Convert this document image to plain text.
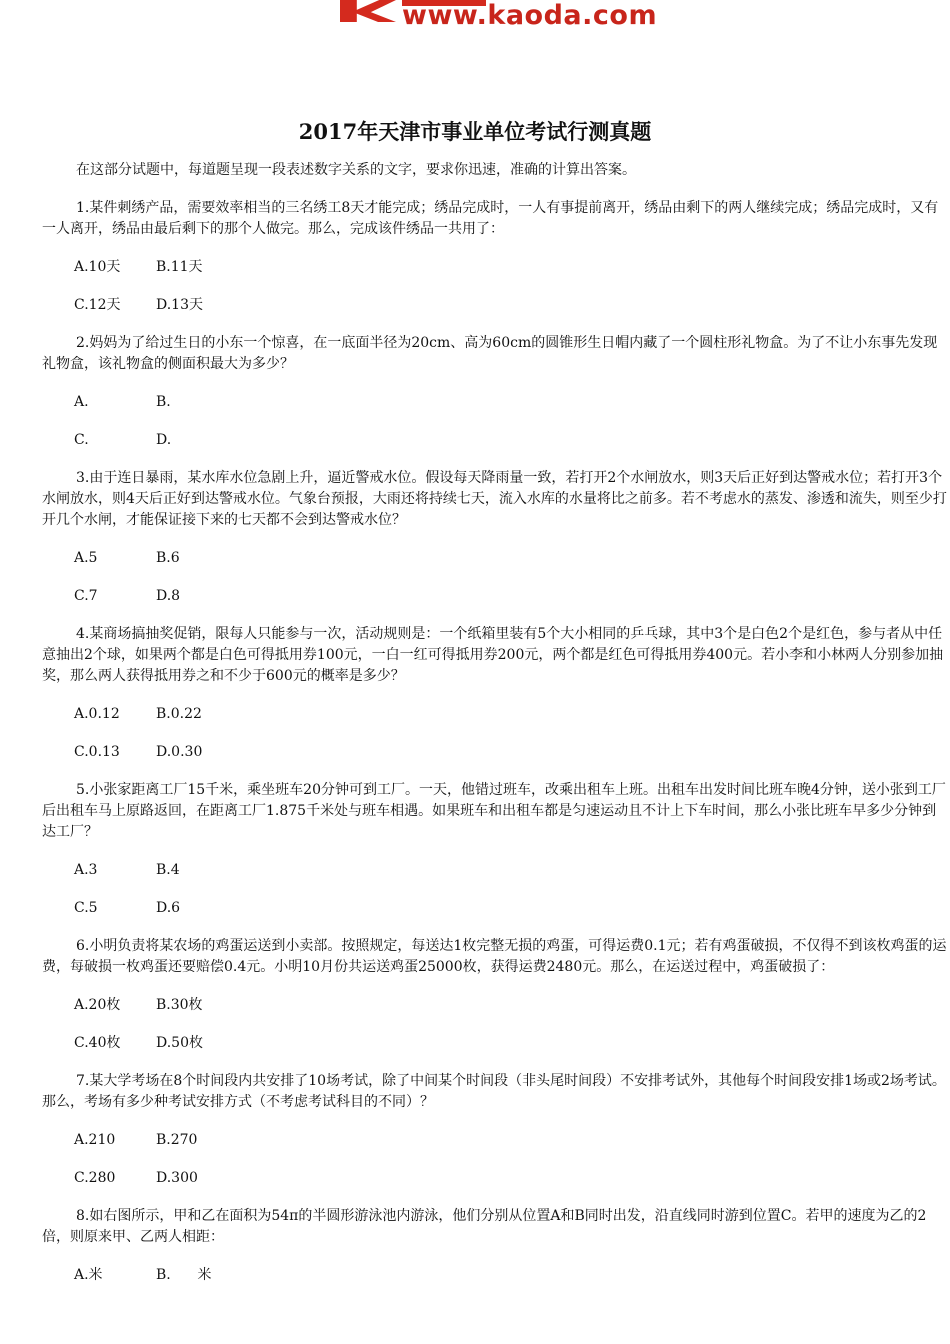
www.kaoda.com
2017年天津市事业单位考试行测真题

在这部分试题中，每道题呈现一段表述数字关系的文字，要求你迅速，准确的计算出答案。

1.某件刺绣产品，需要效率相当的三名绣工8天才能完成；绣品完成时，一人有事提前离开，绣品由剩下的两人继续完成；绣品完成时，又有一人离开，绣品由最后剩下的那个人做完。那么，完成该件绣品一共用了：

A.10天	B.11天
C.12天	D.13天

2.妈妈为了给过生日的小东一个惊喜，在一底面半径为20cm、高为60cm的圆锥形生日帽内藏了一个圆柱形礼物盒。为了不让小东事先发现礼物盒，该礼物盒的侧面积最大为多少？

A.	B.
C.	D.

3.由于连日暴雨，某水库水位急剧上升，逼近警戒水位。假设每天降雨量一致，若打开2个水闸放水，则3天后正好到达警戒水位；若打开3个水闸放水，则4天后正好到达警戒水位。气象台预报，大雨还将持续七天，流入水库的水量将比之前多。若不考虑水的蒸发、渗透和流失，则至少打开几个水闸，才能保证接下来的七天都不会到达警戒水位？

A.5	B.6
C.7	D.8

4.某商场搞抽奖促销，限每人只能参与一次，活动规则是：一个纸箱里装有5个大小相同的乒乓球，其中3个是白色2个是红色，参与者从中任意抽出2个球，如果两个都是白色可得抵用券100元，一白一红可得抵用券200元，两个都是红色可得抵用券400元。若小李和小林两人分别参加抽奖，那么两人获得抵用券之和不少于600元的概率是多少？

A.0.12	B.0.22
C.0.13	D.0.30

5.小张家距离工厂15千米，乘坐班车20分钟可到工厂。一天，他错过班车，改乘出租车上班。出租车出发时间比班车晚4分钟，送小张到工厂后出租车马上原路返回，在距离工厂1.875千米处与班车相遇。如果班车和出租车都是匀速运动且不计上下车时间，那么小张比班车早多少分钟到达工厂？

A.3	B.4
C.5	D.6

6.小明负责将某农场的鸡蛋运送到小卖部。按照规定，每送达1枚完整无损的鸡蛋，可得运费0.1元；若有鸡蛋破损，不仅得不到该枚鸡蛋的运费，每破损一枚鸡蛋还要赔偿0.4元。小明10月份共运送鸡蛋25000枚，获得运费2480元。那么，在运送过程中，鸡蛋破损了：

A.20枚	B.30枚
C.40枚	D.50枚

7.某大学考场在8个时间段内共安排了10场考试，除了中间某个时间段（非头尾时间段）不安排考试外，其他每个时间段安排1场或2场考试。那么，考场有多少种考试安排方式（不考虑考试科目的不同）？

A.210	B.270
C.280	D.300

8.如右图所示，甲和乙在面积为54π的半圆形游泳池内游泳，他们分别从位置A和B同时出发，沿直线同时游到位置C。若甲的速度为乙的2倍，则原来甲、乙两人相距：

A.米	B.      米
